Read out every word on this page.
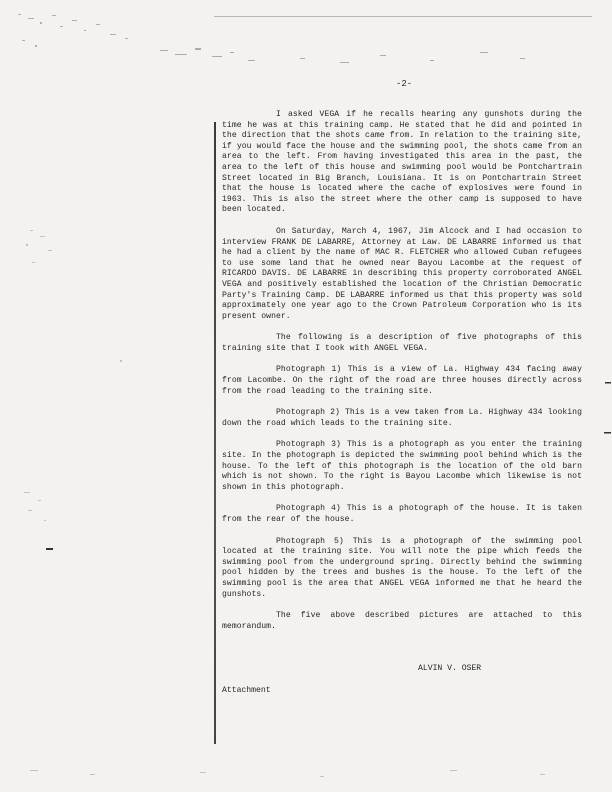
-2-

I asked VEGA if he recalls hearing any gunshots during the time he was at this training camp. He stated that he did and pointed in the direction that the shots came from. In relation to the training site, if you would face the house and the swimming pool, the shots came from an area to the left. From having investigated this area in the past, the area to the left of this house and swimming pool would be Pontchartrain Street located in Big Branch, Louisiana. It is on Pontchartrain Street that the house is located where the cache of explosives were found in 1963. This is also the street where the other camp is supposed to have been located.

On Saturday, March 4, 1967, Jim Alcock and I had occasion to interview FRANK DE LABARRE, Attorney at Law. DE LABARRE informed us that he had a client by the name of MAC R. FLETCHER who allowed Cuban refugees to use some land that he owned near Bayou Lacombe at the request of RICARDO DAVIS. DE LABARRE in describing this property corroborated ANGEL VEGA and positively established the location of the Christian Democratic Party's Training Camp. DE LABARRE informed us that this property was sold approximately one year ago to the Crown Patroleum Corporation who is its present owner.

The following is a description of five photographs of this training site that I took with ANGEL VEGA.

Photograph 1) This is a view of La. Highway 434 facing away from Lacombe. On the right of the road are three houses directly across from the road leading to the training site.

Photograph 2) This is a vew taken from La. Highway 434 looking down the road which leads to the training site.

Photograph 3) This is a photograph as you enter the training site. In the photograph is depicted the swimming pool behind which is the house. To the left of this photograph is the location of the old barn which is not shown. To the right is Bayou Lacombe which likewise is not shown in this photograph.

Photograph 4) This is a photograph of the house. It is taken from the rear of the house.

Photograph 5) This is a photograph of the swimming pool located at the training site. You will note the pipe which feeds the swimming pool from the underground spring. Directly behind the swimming pool hidden by the trees and bushes is the house. To the left of the swimming pool is the area that ANGEL VEGA informed me that he heard the gunshots.

The five above described pictures are attached to this memorandum.

ALVIN V. OSER
Attachment
